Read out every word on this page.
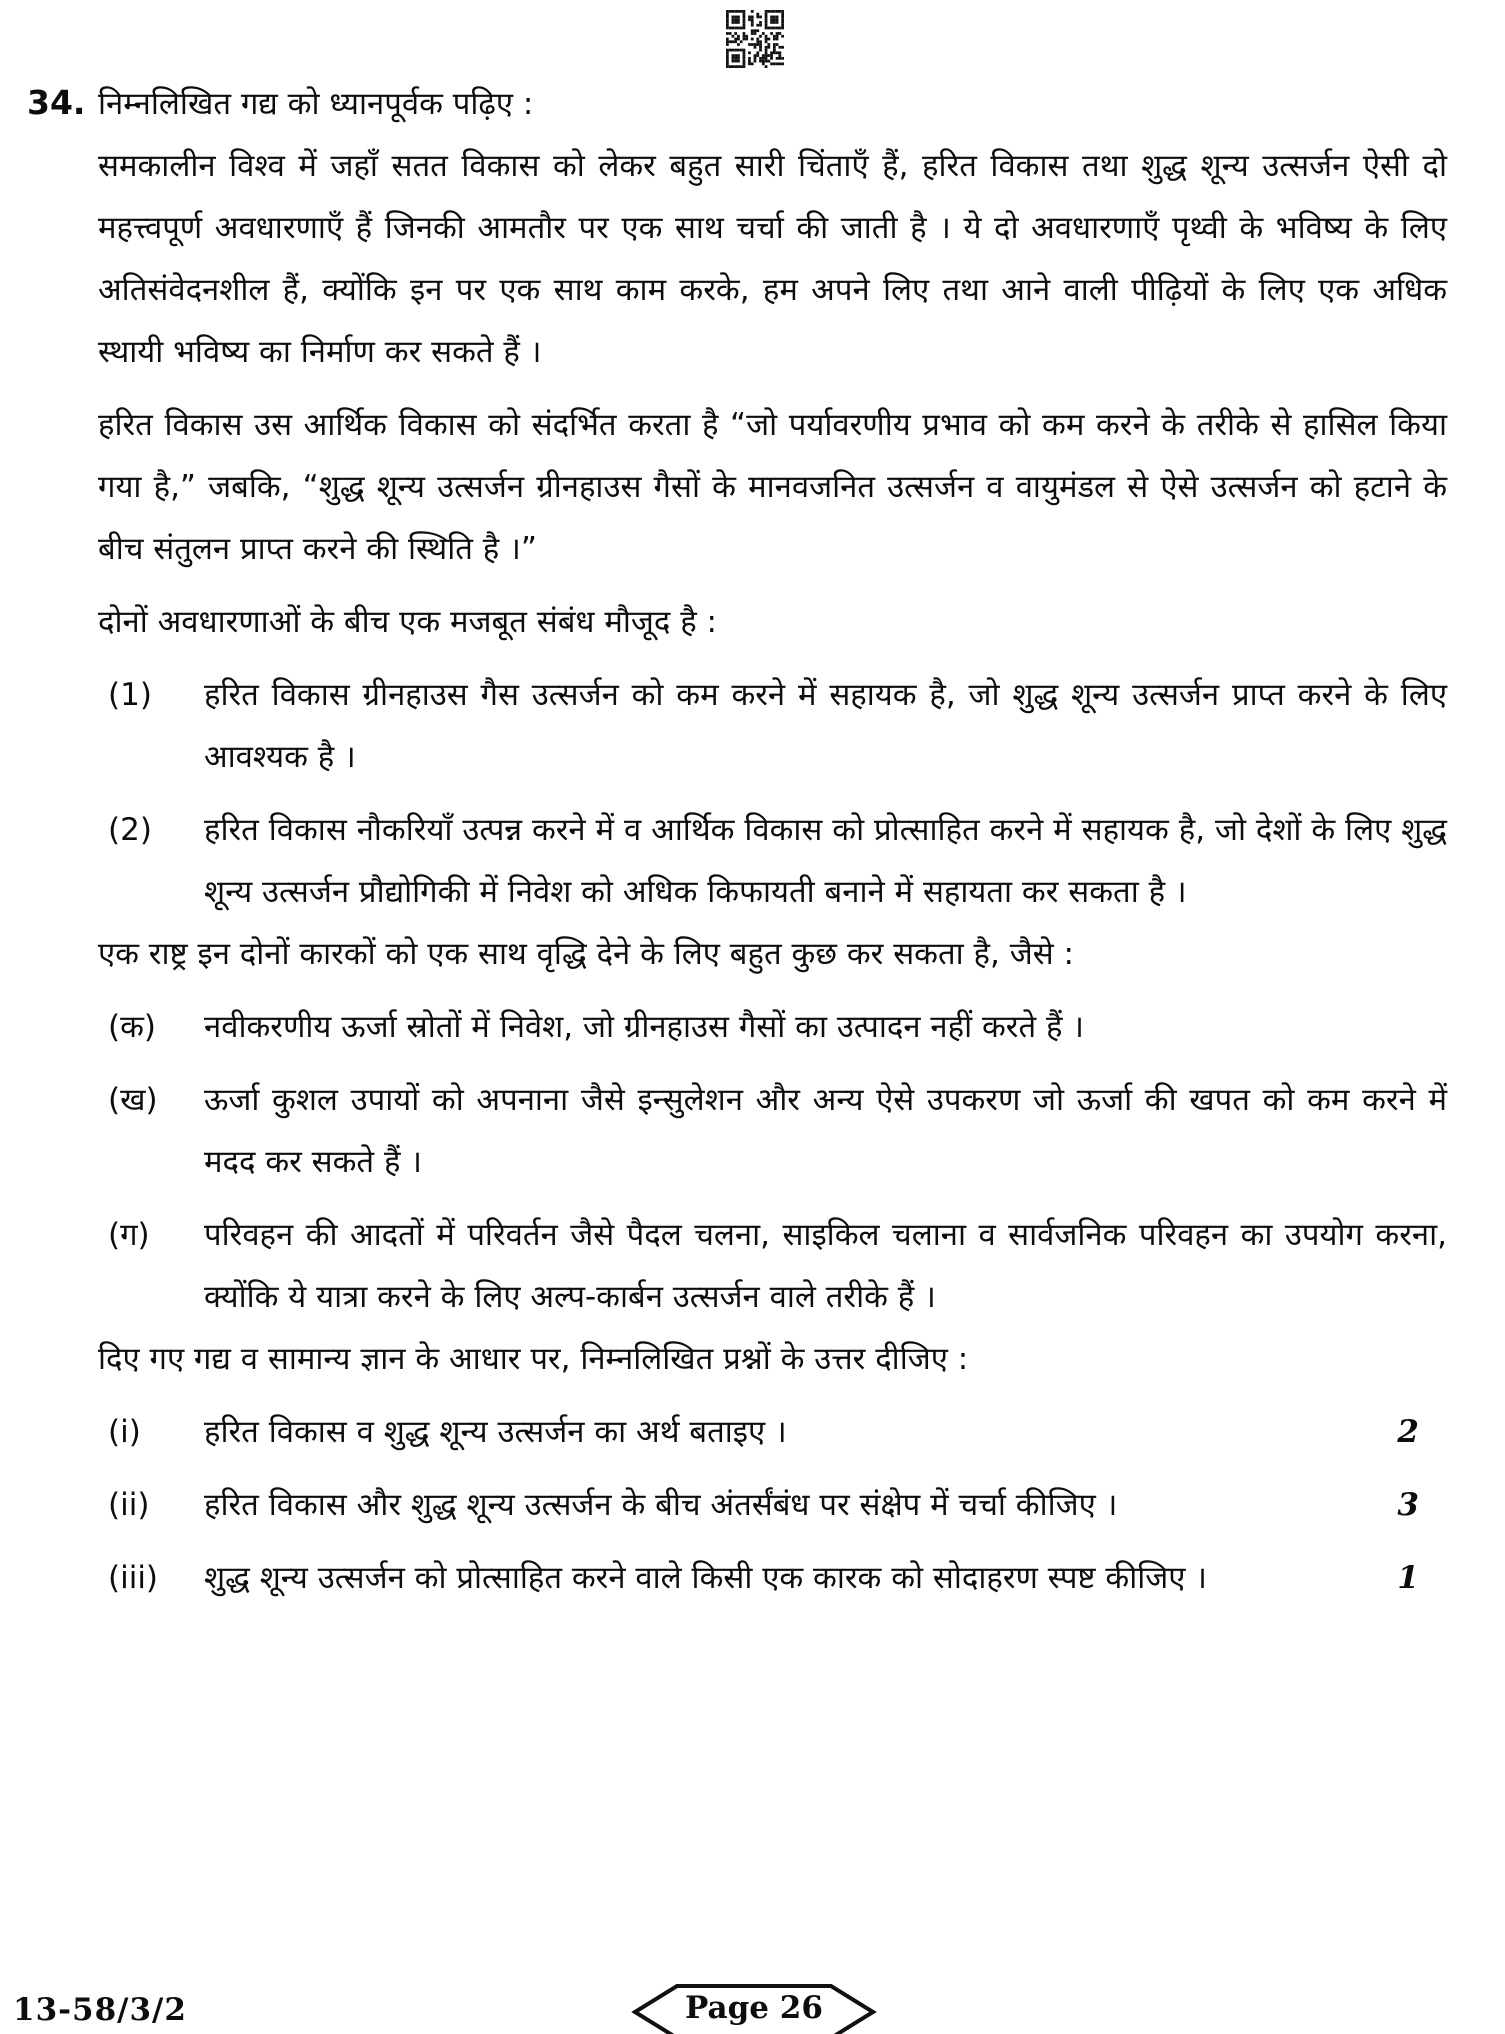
34. निम्नलिखित गद्य को ध्यानपूर्वक पढ़िए :

समकालीन विश्व में जहाँ सतत विकास को लेकर बहुत सारी चिंताएँ हैं, हरित विकास तथा शुद्ध शून्य उत्सर्जन ऐसी दो महत्त्वपूर्ण अवधारणाएँ हैं जिनकी आमतौर पर एक साथ चर्चा की जाती है । ये दो अवधारणाएँ पृथ्वी के भविष्य के लिए अतिसंवेदनशील हैं, क्योंकि इन पर एक साथ काम करके, हम अपने लिए तथा आने वाली पीढ़ियों के लिए एक अधिक स्थायी भविष्य का निर्माण कर सकते हैं ।

हरित विकास उस आर्थिक विकास को संदर्भित करता है “जो पर्यावरणीय प्रभाव को कम करने के तरीके से हासिल किया गया है,” जबकि, “शुद्ध शून्य उत्सर्जन ग्रीनहाउस गैसों के मानवजनित उत्सर्जन व वायुमंडल से ऐसे उत्सर्जन को हटाने के बीच संतुलन प्राप्त करने की स्थिति है ।”

दोनों अवधारणाओं के बीच एक मजबूत संबंध मौजूद है :

(1)	हरित विकास ग्रीनहाउस गैस उत्सर्जन को कम करने में सहायक है, जो शुद्ध शून्य उत्सर्जन प्राप्त करने के लिए आवश्यक है ।
(2)	हरित विकास नौकरियाँ उत्पन्न करने में व आर्थिक विकास को प्रोत्साहित करने में सहायक है, जो देशों के लिए शुद्ध शून्य उत्सर्जन प्रौद्योगिकी में निवेश को अधिक किफायती बनाने में सहायता कर सकता है ।

एक राष्ट्र इन दोनों कारकों को एक साथ वृद्धि देने के लिए बहुत कुछ कर सकता है, जैसे :

(क)	नवीकरणीय ऊर्जा स्रोतों में निवेश, जो ग्रीनहाउस गैसों का उत्पादन नहीं करते हैं ।
(ख)	ऊर्जा कुशल उपायों को अपनाना जैसे इन्सुलेशन और अन्य ऐसे उपकरण जो ऊर्जा की खपत को कम करने में मदद कर सकते हैं ।
(ग)	परिवहन की आदतों में परिवर्तन जैसे पैदल चलना, साइकिल चलाना व सार्वजनिक परिवहन का उपयोग करना, क्योंकि ये यात्रा करने के लिए अल्प-कार्बन उत्सर्जन वाले तरीके हैं ।

दिए गए गद्य व सामान्य ज्ञान के आधार पर, निम्नलिखित प्रश्नों के उत्तर दीजिए :

(i)	हरित विकास व शुद्ध शून्य उत्सर्जन का अर्थ बताइए ।	2
(ii)	हरित विकास और शुद्ध शून्य उत्सर्जन के बीच अंतर्संबंध पर संक्षेप में चर्चा कीजिए ।	3
(iii)	शुद्ध शून्य उत्सर्जन को प्रोत्साहित करने वाले किसी एक कारक को सोदाहरण स्पष्ट कीजिए ।	1
13-58/3/2	Page 26
